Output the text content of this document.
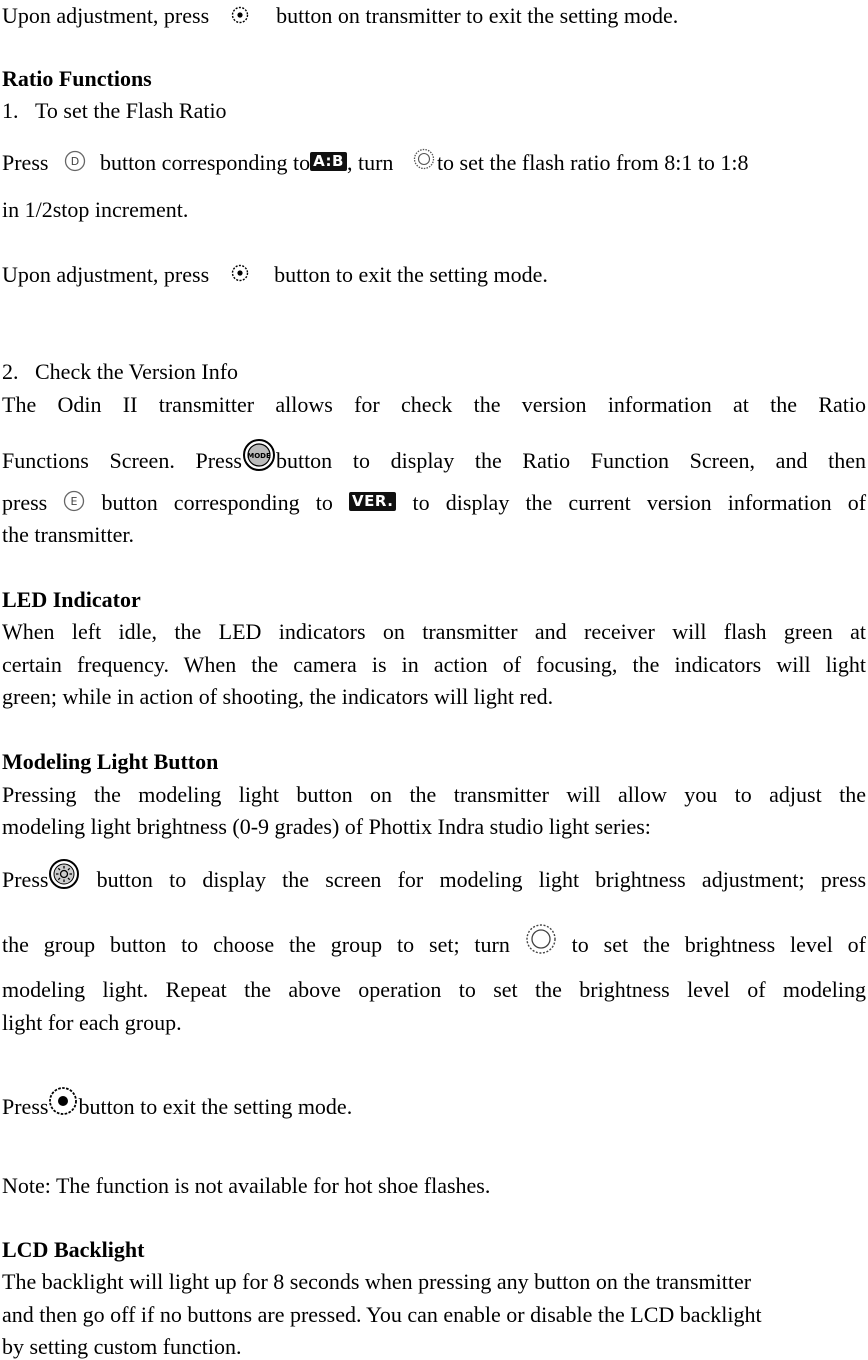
Upon adjustment, press	button on transmitter to exit the setting mode.
Ratio Functions
1. To set the Flash Ratio
Press D button corresponding to A:B , turn to set the flash ratio from 8:1 to 1:8
in 1/2stop increment.
Upon adjustment, press	button to exit the setting mode.
2. Check the Version Info
The Odin II transmitter allows for check the version information at the Ratio
Functions Screen. Press MODE button to display the Ratio Function Screen, and then
press E button corresponding to VER. to display the current version information of
the transmitter.
LED Indicator
When left idle, the LED indicators on transmitter and receiver will flash green at
certain frequency. When the camera is in action of focusing, the indicators will light
green; while in action of shooting, the indicators will light red.
Modeling Light Button
Pressing the modeling light button on the transmitter will allow you to adjust the
modeling light brightness (0-9 grades) of Phottix Indra studio light series:
Press button to display the screen for modeling light brightness adjustment; press
the group button to choose the group to set; turn	to set the brightness level of
modeling light. Repeat the above operation to set the brightness level of modeling
light for each group.
Press button to exit the setting mode.
Note: The function is not available for hot shoe flashes.
LCD Backlight
The backlight will light up for 8 seconds when pressing any button on the transmitter
and then go off if no buttons are pressed. You can enable or disable the LCD backlight
by setting custom function.
